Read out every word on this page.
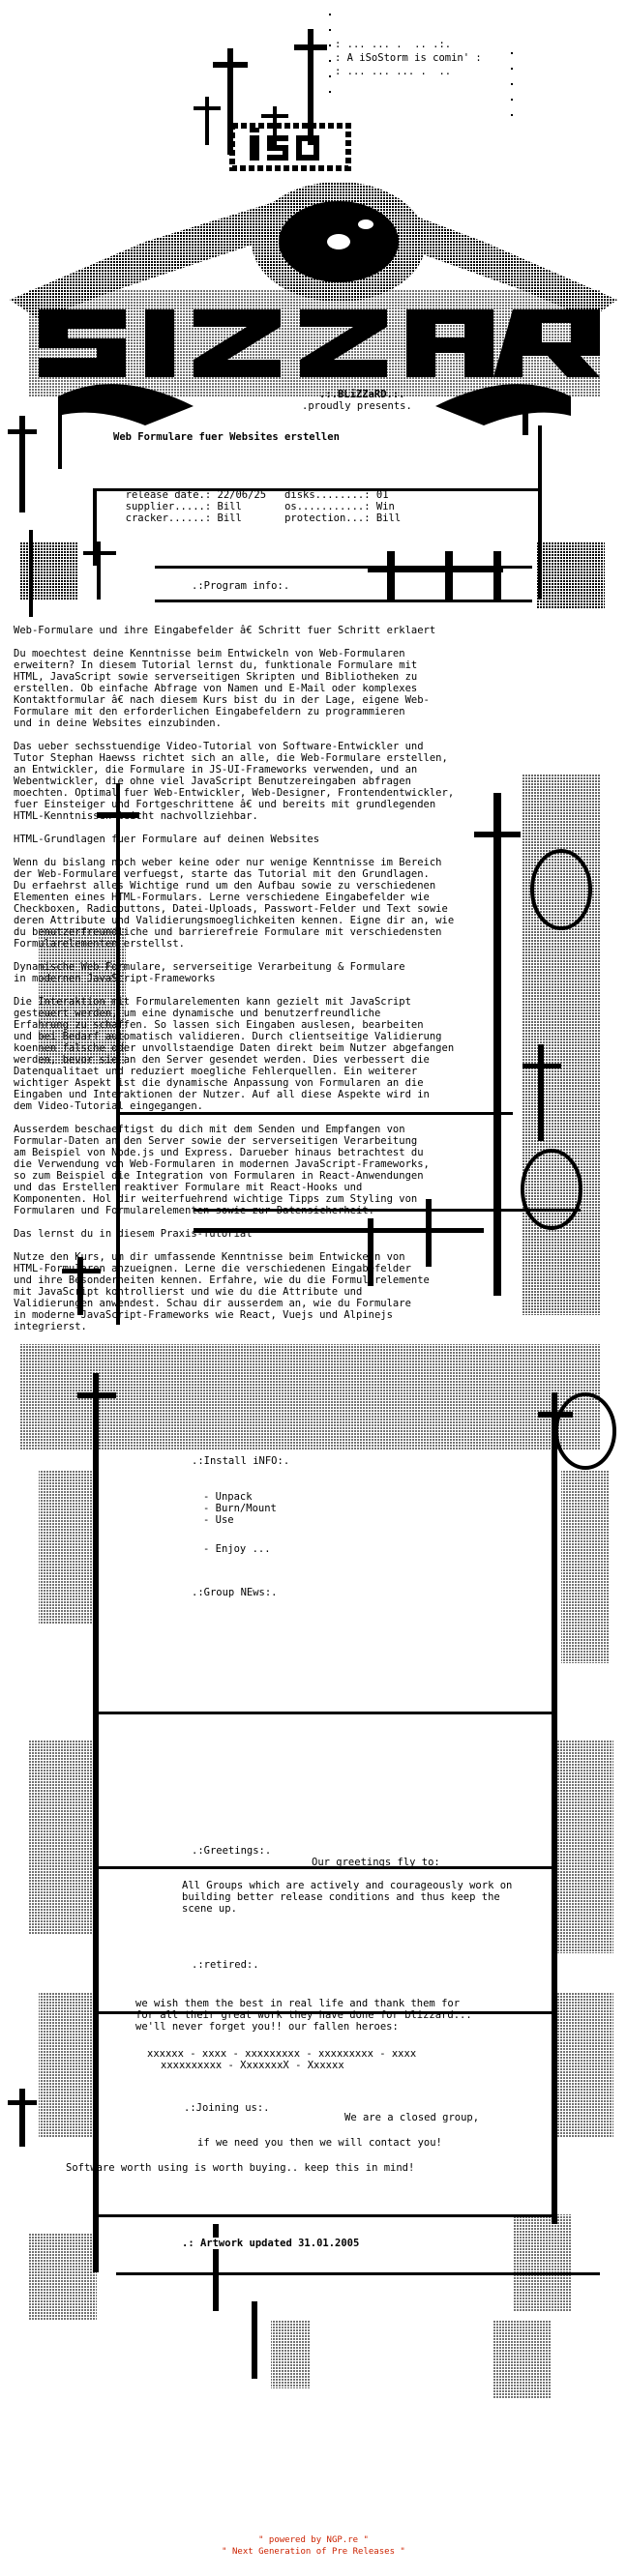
: ... ... .  .. .:.
: A iSoStorm is comin' :
: ... ... ... .  ..
.:.BLiZZaRD.:.
.proudly presents.
Web Formulare fuer Websites erstellen

release date.: 22/06/25 disks........: 01

supplier.....: Bill	os...........: Win

cracker......: Bill	protection...: Bill

.:Program info:.
Web-Formulare und ihre Eingabefelder â€ Schritt fuer Schritt erklaert
Du moechtest deine Kenntnisse beim Entwickeln von Web-Formularen
erweitern? In diesem Tutorial lernst du, funktionale Formulare mit
HTML, JavaScript sowie serverseitigen Skripten und Bibliotheken zu
erstellen. Ob einfache Abfrage von Namen und E-Mail oder komplexes
Kontaktformular â€ nach diesem Kurs bist du in der Lage, eigene Web-
Formulare mit den erforderlichen Eingabefeldern zu programmieren
und in deine Websites einzubinden.
Das ueber sechsstuendige Video-Tutorial von Software-Entwickler und
Tutor Stephan Haewss richtet sich an alle, die Web-Formulare erstellen,
an Entwickler, die Formulare in JS-UI-Frameworks verwenden, und an
Webentwickler, die ohne viel JavaScript Benutzereingaben abfragen
moechten. Optimal fuer Web-Entwickler, Web-Designer, Frontendentwickler,
fuer Einsteiger und Fortgeschrittene â€ und bereits mit grundlegenden
HTML-Kenntnissen leicht nachvollziehbar.
HTML-Grundlagen fuer Formulare auf deinen Websites
Wenn du bislang noch weber keine oder nur wenige Kenntnisse im Bereich
der Web-Formulare verfuegst, starte das Tutorial mit den Grundlagen.
Du erfaehrst alles Wichtige rund um den Aufbau sowie zu verschiedenen
Elementen eines HTML-Formulars. Lerne verschiedene Eingabefelder wie
Checkboxen, Radiobuttons, Datei-Uploads, Passwort-Felder und Text sowie
deren Attribute und Validierungsmoeglichkeiten kennen. Eigne dir an, wie
du benutzerfreundliche und barrierefreie Formulare mit verschiedensten
Formularelementen erstellst.
Dynamische Web-Formulare, serverseitige Verarbeitung & Formulare
in modernen JavaScript-Frameworks
Die Interaktion mit Formularelementen kann gezielt mit JavaScript
gesteuert werden, um eine dynamische und benutzerfreundliche
Erfahrung zu schaffen. So lassen sich Eingaben auslesen, bearbeiten
und bei Bedarf automatisch validieren. Durch clientseitige Validierung
koennen falsche oder unvollstaendige Daten direkt beim Nutzer abgefangen
werden, bevor sie an den Server gesendet werden. Dies verbessert die
Datenqualitaet und reduziert moegliche Fehlerquellen. Ein weiterer
wichtiger Aspekt ist die dynamische Anpassung von Formularen an die
Eingaben und Interaktionen der Nutzer. Auf all diese Aspekte wird in
dem Video-Tutorial eingegangen.
Ausserdem beschaeftigst du dich mit dem Senden und Empfangen von
Formular-Daten an den Server sowie der serverseitigen Verarbeitung
am Beispiel von Node.js und Express. Darueber hinaus betrachtest du
die Verwendung von Web-Formularen in modernen JavaScript-Frameworks,
so zum Beispiel die Integration von Formularen in React-Anwendungen
und das Erstellen reaktiver Formulare mit React-Hooks und
Komponenten. Hol dir weiterfuehrend wichtige Tipps zum Styling von
Formularen und Formularelementen sowie zur Datensicherheit.
Das lernst du in diesem Praxis-Tutorial
Nutze den Kurs, um dir umfassende Kenntnisse beim Entwickeln von
HTML-Formularen anzueignen. Lerne die verschiedenen Eingabefelder
und ihre Besonderheiten kennen. Erfahre, wie du die Formularelemente
mit JavaScript kontrollierst und wie du die Attribute und
Validierungen anwendest. Schau dir ausserdem an, wie du Formulare
in moderne JavaScript-Frameworks wie React, Vuejs und Alpinejs
integrierst.
.:Install iNFO:.
- Unpack
- Burn/Mount
- Use
- Enjoy ...
.:Group NEws:.
.:Greetings:.
Our greetings fly to:
All Groups which are actively and courageously work on
building better release conditions and thus keep the
scene up.
.:retired:.
we wish them the best in real life and thank them for
for all their great work they have done for blizzard...
we'll never forget you!! our fallen heroes:
xxxxxx - xxxx - xxxxxxxxx - xxxxxxxxx - xxxx
xxxxxxxxxx - XxxxxxxX - Xxxxxx
.:Joining us:.
We are a closed group,
if we need you then we will contact you!
Software worth using is worth buying.. keep this in mind!
.: Artwork updated 31.01.2005
" powered by NGP.re "
" Next Generation of Pre Releases "
